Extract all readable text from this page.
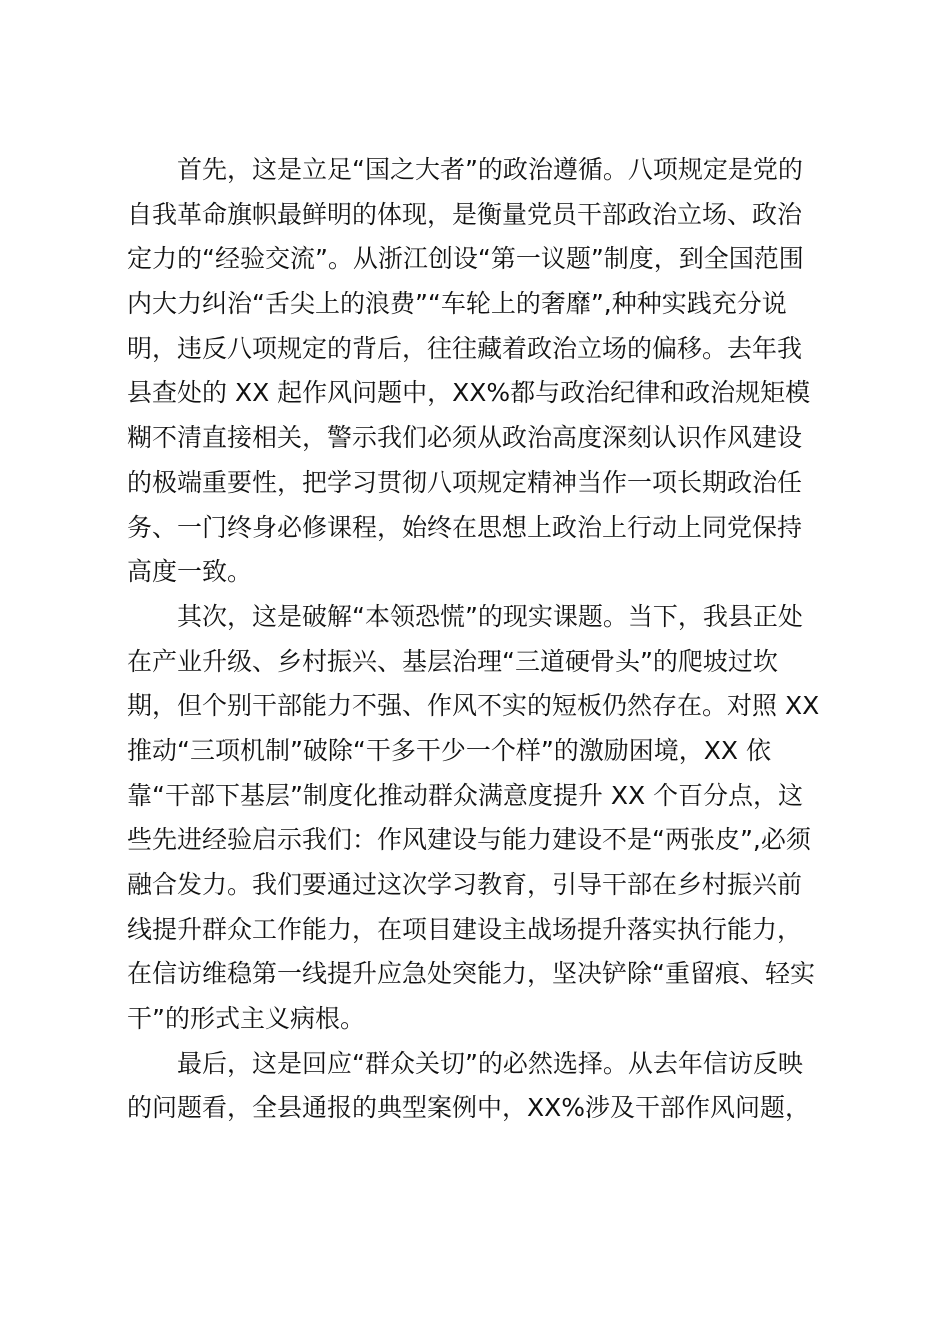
首先，这是立足“国之大者”的政治遵循。八项规定是党的
自我革命旗帜最鲜明的体现，是衡量党员干部政治立场、政治
定力的“经验交流”。从浙江创设“第一议题”制度，到全国范围
内大力纠治“舌尖上的浪费”“车轮上的奢靡”,种种实践充分说
明，违反八项规定的背后，往往藏着政治立场的偏移。去年我
县查处的 XX 起作风问题中，XX%都与政治纪律和政治规矩模
糊不清直接相关，警示我们必须从政治高度深刻认识作风建设
的极端重要性，把学习贯彻八项规定精神当作一项长期政治任
务、一门终身必修课程，始终在思想上政治上行动上同党保持
高度一致。
其次，这是破解“本领恐慌”的现实课题。当下，我县正处
在产业升级、乡村振兴、基层治理“三道硬骨头”的爬坡过坎
期，但个别干部能力不强、作风不实的短板仍然存在。对照 XX
推动“三项机制”破除“干多干少一个样”的激励困境，XX 依
靠“干部下基层”制度化推动群众满意度提升 XX 个百分点，这
些先进经验启示我们：作风建设与能力建设不是“两张皮”,必须
融合发力。我们要通过这次学习教育，引导干部在乡村振兴前
线提升群众工作能力，在项目建设主战场提升落实执行能力，
在信访维稳第一线提升应急处突能力，坚决铲除“重留痕、轻实
干”的形式主义病根。
最后，这是回应“群众关切”的必然选择。从去年信访反映
的问题看，全县通报的典型案例中，XX%涉及干部作风问题，
